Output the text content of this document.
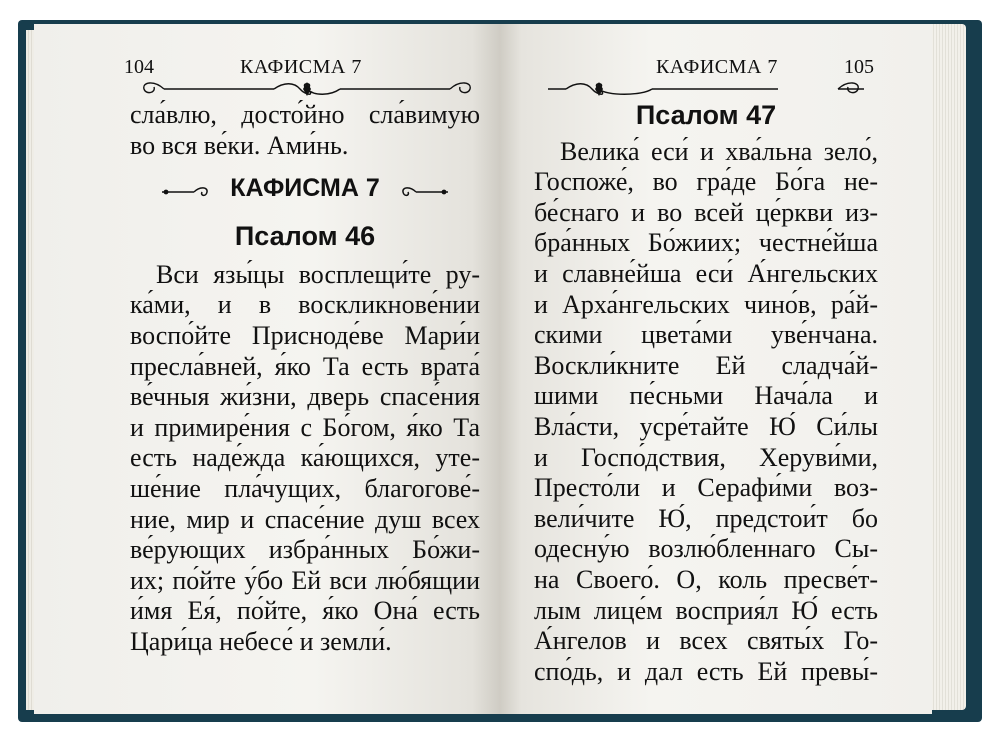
104	КАФИСМА 7
сла́влю, досто́йно сла́вимую
во вся ве́ки. Ами́нь.
КАФИСМА 7
Псалом 46
Вси язы́цы восплещи́те ру-
ка́ми, и в воскликнове́нии
воспо́йте Присноде́ве Мари́и
преcла́вней, я́ко Та есть врата́
ве́чныя жи́зни, дверь спасе́ния
и примире́ния с Бо́гом, я́ко Та
есть наде́жда ка́ющихся, уте-
ше́ние пла́чущих, благогове́-
ние, мир и спасе́ние душ всех
ве́рующих избра́нных Бо́жи-
их; по́йте у́бо Ей вси лю́бящии
и́мя Ея́, по́йте, я́ко Она́ есть
Цари́ца небесе́ и земли́.
КАФИСМА 7	105
Псалом 47
Велика́ еси́ и хва́льна зело́,
Госпоже́, во гра́де Бо́га не-
бе́снаго и во всей це́ркви из-
бра́нных Бо́жиих; честне́йша
и славне́йша еси́ А́нгельских
и Арха́нгельских чино́в, ра́й-
скими цвета́ми уве́нчана.
Воскли́кните Ей сладча́й-
шими пе́сньми Нача́ла и
Вла́сти, усре́тайте Ю́ Си́лы
и Госпо́дствия, Херуви́ми,
Престо́ли и Серафи́ми воз-
вели́чите Ю́, предстои́т бо
одесну́ю возлю́бленнаго Сы-
на Своего́. О, коль пресве́т-
лым лице́м восприя́л Ю́ есть
А́нгелов и всех святы́х Го-
спо́дь, и дал есть Ей превы́-
